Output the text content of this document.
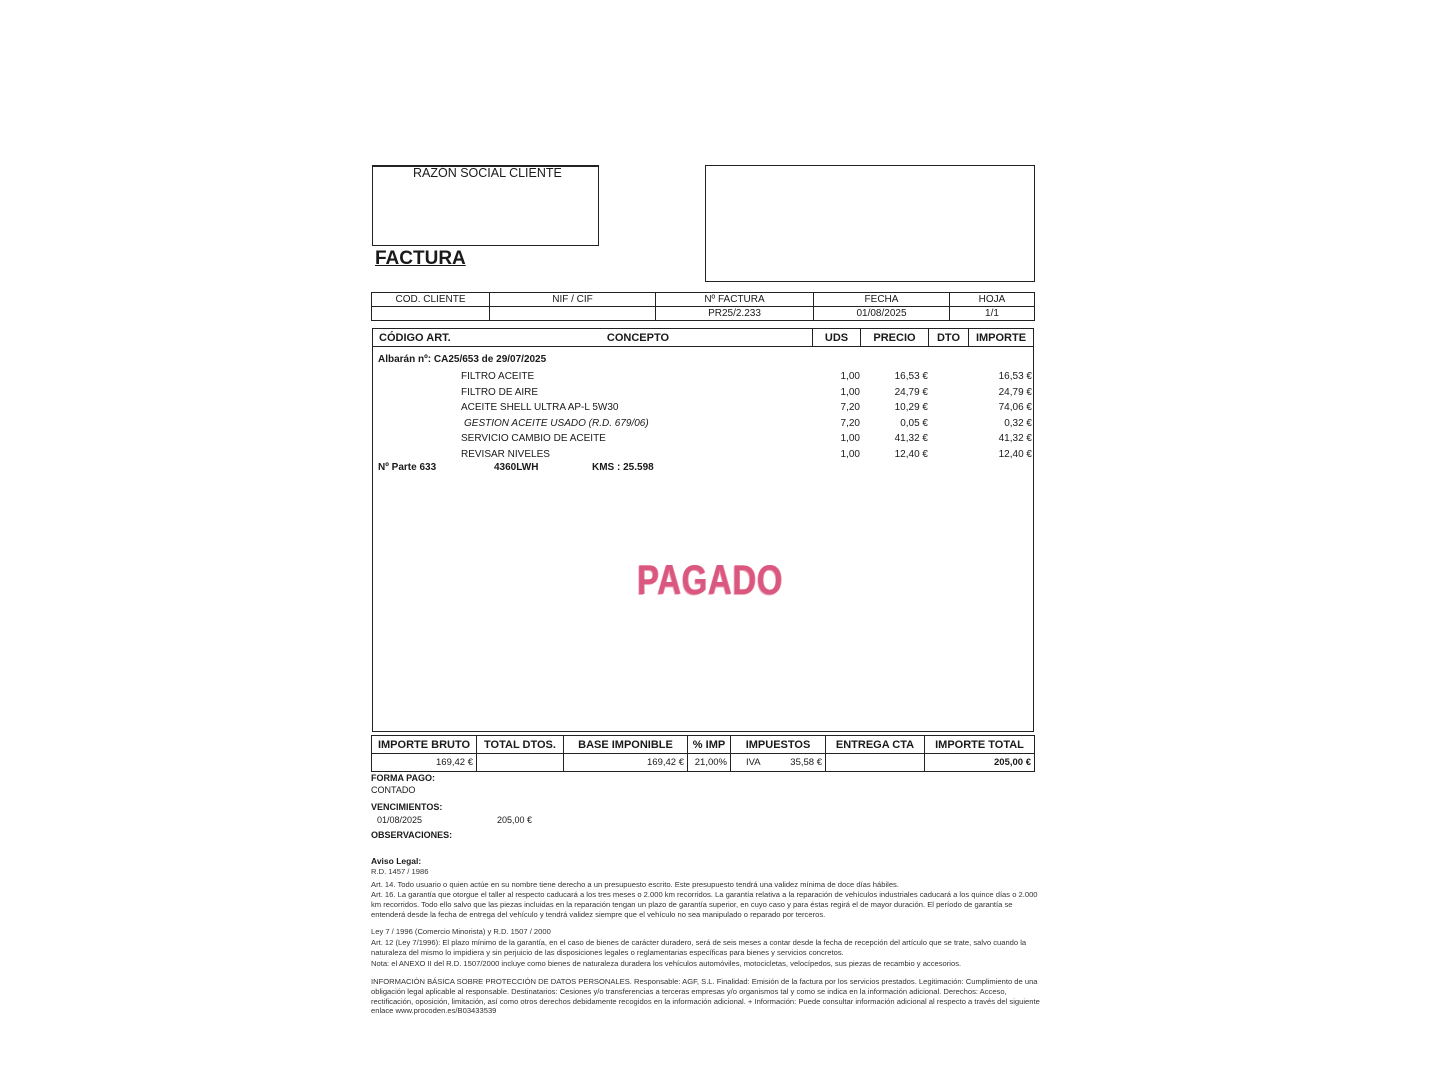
RAZÓN SOCIAL CLIENTE
FACTURA
COD. CLIENTE	NIF / CIF	Nº FACTURA	FECHA	HOJA
		PR25/2.233	01/08/2025	1/1
CÓDIGO ART.	CONCEPTO	UDS	PRECIO	DTO	IMPORTE
Albarán nº: CA25/653 de 29/07/2025
FILTRO ACEITE	1,00	16,53 €	16,53 €
FILTRO DE AIRE	1,00	24,79 €	24,79 €
ACEITE SHELL ULTRA AP-L 5W30	7,20	10,29 €	74,06 €
GESTION ACEITE USADO (R.D. 679/06)	7,20	0,05 €	0,32 €
SERVICIO CAMBIO DE ACEITE	1,00	41,32 €	41,32 €
REVISAR NIVELES	1,00	12,40 €	12,40 €
Nº Parte 633	4360LWH	KMS : 25.598
PAGADO
IMPORTE BRUTO	TOTAL DTOS.	BASE IMPONIBLE	% IMP	IMPUESTOS	ENTREGA CTA	IMPORTE TOTAL
169,42 €		169,42 €	21,00%	IVA 35,58 €		205,00 €
FORMA PAGO:
CONTADO
VENCIMIENTOS:
01/08/2025	205,00 €
OBSERVACIONES:
Aviso Legal:
R.D. 1457 / 1986
Art. 14. Todo usuario o quien actúe en su nombre tiene derecho a un presupuesto escrito. Este presupuesto tendrá una validez mínima de doce días hábiles.
Art. 16. La garantía que otorgue el taller al respecto caducará a los tres meses o 2.000 km recorridos. La garantía relativa a la reparación de vehículos industriales caducará a los quince días o 2.000 km recorridos. Todo ello salvo que las piezas incluidas en la reparación tengan un plazo de garantía superior, en cuyo caso y para éstas regirá el de mayor duración. El período de garantía se entenderá desde la fecha de entrega del vehículo y tendrá validez siempre que el vehículo no sea manipulado o reparado por terceros.
Ley 7 / 1996 (Comercio Minorista) y R.D. 1507 / 2000
Art. 12 (Ley 7/1996): El plazo mínimo de la garantía, en el caso de bienes de carácter duradero, será de seis meses a contar desde la fecha de recepción del artículo que se trate, salvo cuando la naturaleza del mismo lo impidiera y sin perjuicio de las disposiciones legales o reglamentarias específicas para bienes y servicios concretos.
Nota: el ANEXO II del R.D. 1507/2000 incluye como bienes de naturaleza duradera los vehículos automóviles, motocicletas, velocípedos, sus piezas de recambio y accesorios.
INFORMACIÓN BÁSICA SOBRE PROTECCIÓN DE DATOS PERSONALES. Responsable: AGF, S.L. Finalidad: Emisión de la factura por los servicios prestados. Legitimación: Cumplimiento de una obligación legal aplicable al responsable. Destinatarios: Cesiones y/o transferencias a terceras empresas y/o organismos tal y como se indica en la información adicional. Derechos: Acceso, rectificación, oposición, limitación, así como otros derechos debidamente recogidos en la información adicional. + Información: Puede consultar información adicional al respecto a través del siguiente enlace www.procoden.es/B03433539
